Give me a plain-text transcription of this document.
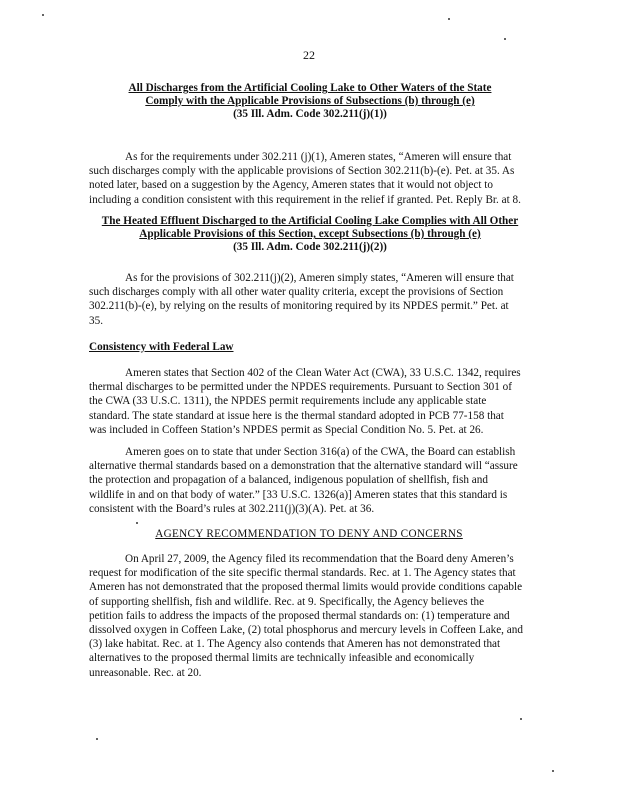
22
All Discharges from the Artificial Cooling Lake to Other Waters of the State
Comply with the Applicable Provisions of Subsections (b) through (e)
(35 Ill. Adm. Code 302.211(j)(1))
As for the requirements under 302.211 (j)(1), Ameren states, “Ameren will ensure that
such discharges comply with the applicable provisions of Section 302.211(b)-(e). Pet. at 35. As
noted later, based on a suggestion by the Agency, Ameren states that it would not object to
including a condition consistent with this requirement in the relief if granted. Pet. Reply Br. at 8.
The Heated Effluent Discharged to the Artificial Cooling Lake Complies with All Other
Applicable Provisions of this Section, except Subsections (b) through (e)
(35 Ill. Adm. Code 302.211(j)(2))
As for the provisions of 302.211(j)(2), Ameren simply states, “Ameren will ensure that
such discharges comply with all other water quality criteria, except the provisions of Section
302.211(b)-(e), by relying on the results of monitoring required by its NPDES permit.” Pet. at
35.
Consistency with Federal Law
Ameren states that Section 402 of the Clean Water Act (CWA), 33 U.S.C. 1342, requires
thermal discharges to be permitted under the NPDES requirements. Pursuant to Section 301 of
the CWA (33 U.S.C. 1311), the NPDES permit requirements include any applicable state
standard. The state standard at issue here is the thermal standard adopted in PCB 77-158 that
was included in Coffeen Station’s NPDES permit as Special Condition No. 5. Pet. at 26.
Ameren goes on to state that under Section 316(a) of the CWA, the Board can establish
alternative thermal standards based on a demonstration that the alternative standard will “assure
the protection and propagation of a balanced, indigenous population of shellfish, fish and
wildlife in and on that body of water.” [33 U.S.C. 1326(a)] Ameren states that this standard is
consistent with the Board’s rules at 302.211(j)(3)(A). Pet. at 36.
AGENCY RECOMMENDATION TO DENY AND CONCERNS
On April 27, 2009, the Agency filed its recommendation that the Board deny Ameren’s
request for modification of the site specific thermal standards. Rec. at 1. The Agency states that
Ameren has not demonstrated that the proposed thermal limits would provide conditions capable
of supporting shellfish, fish and wildlife. Rec. at 9. Specifically, the Agency believes the
petition fails to address the impacts of the proposed thermal standards on: (1) temperature and
dissolved oxygen in Coffeen Lake, (2) total phosphorus and mercury levels in Coffeen Lake, and
(3) lake habitat. Rec. at 1. The Agency also contends that Ameren has not demonstrated that
alternatives to the proposed thermal limits are technically infeasible and economically
unreasonable. Rec. at 20.
